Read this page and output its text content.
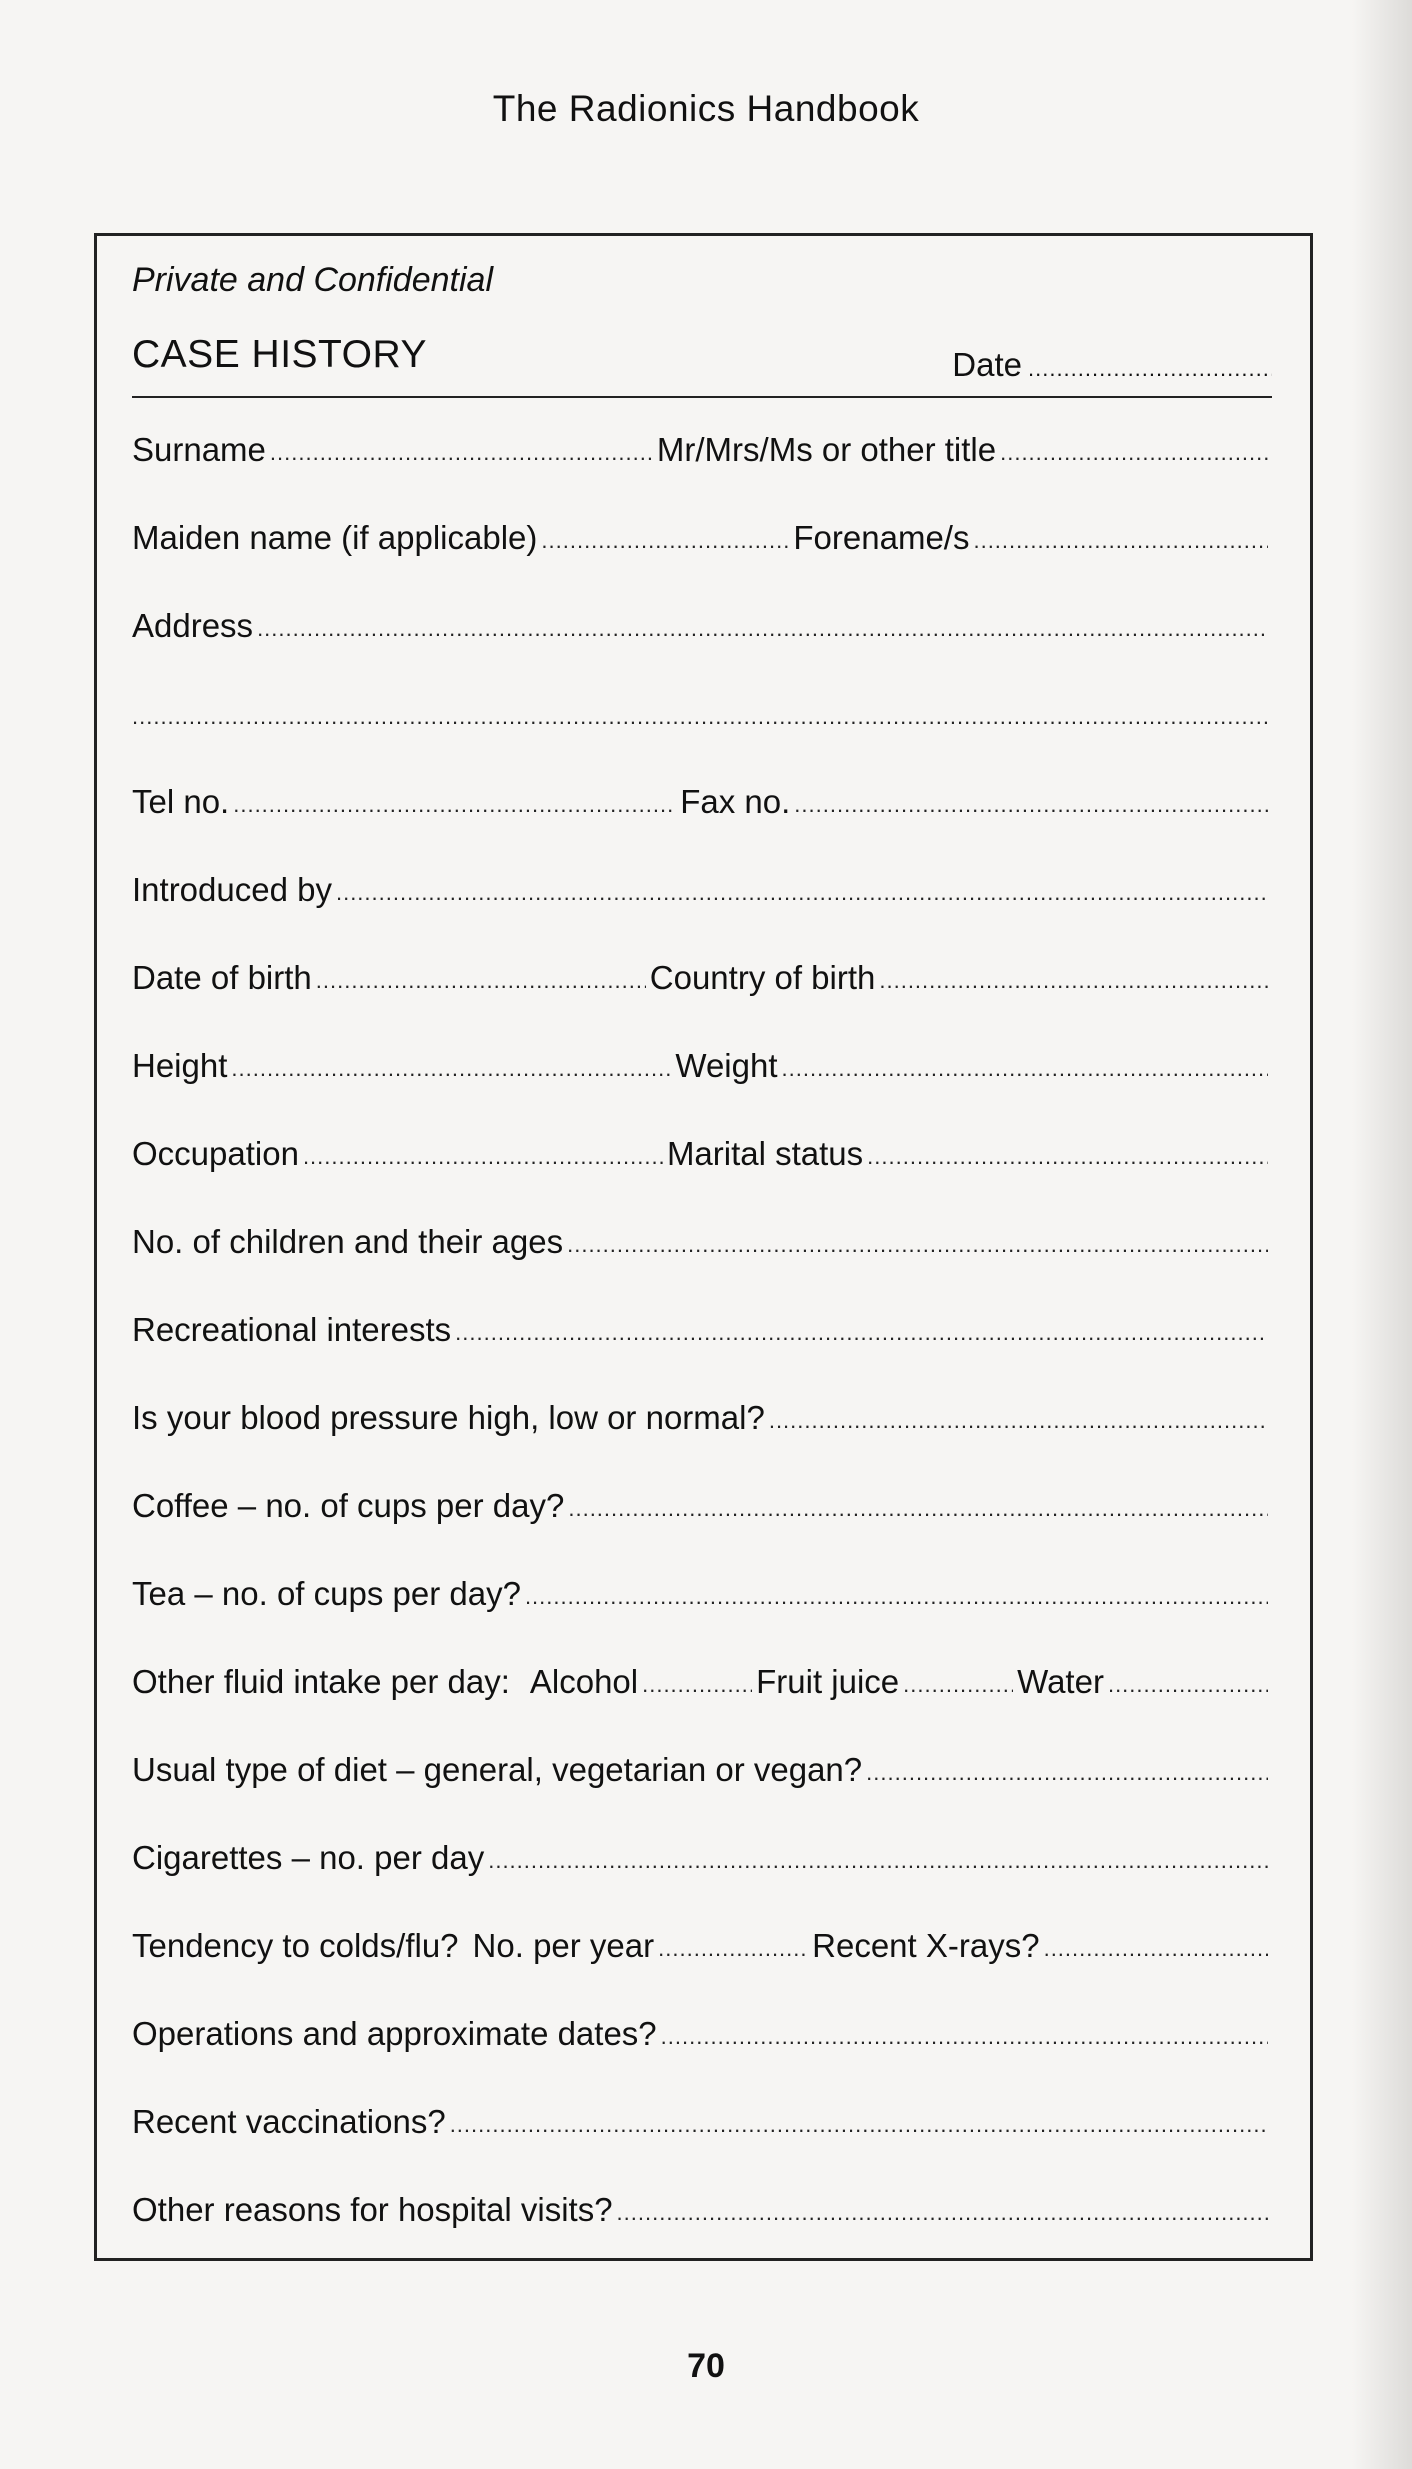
The Radionics Handbook
Private and Confidential
CASE HISTORY	Date
.....
Surname .....	Mr/Mrs/Ms or other title
.....
Maiden name (if applicable) .....	Forename/s
.....
Address
.....
.....
Tel no. .....	Fax no.
.....
Introduced by
.....
Date of birth .....	Country of birth
.....
Height .....	Weight
.....
Occupation .....	Marital status
.....
No. of children and their ages
.....
Recreational interests
.....
Is your blood pressure high, low or normal?
.....
Coffee – no. of cups per day?
.....
Tea – no. of cups per day?
.....
Other fluid intake per day: Alcohol .....	Fruit juice .....	Water
.....
Usual type of diet – general, vegetarian or vegan?
.....
Cigarettes – no. per day
.....
Tendency to colds/flu? No. per year .....	Recent X-rays?
.....
Operations and approximate dates?
.....
Recent vaccinations?
.....
Other reasons for hospital visits?
.....
70
